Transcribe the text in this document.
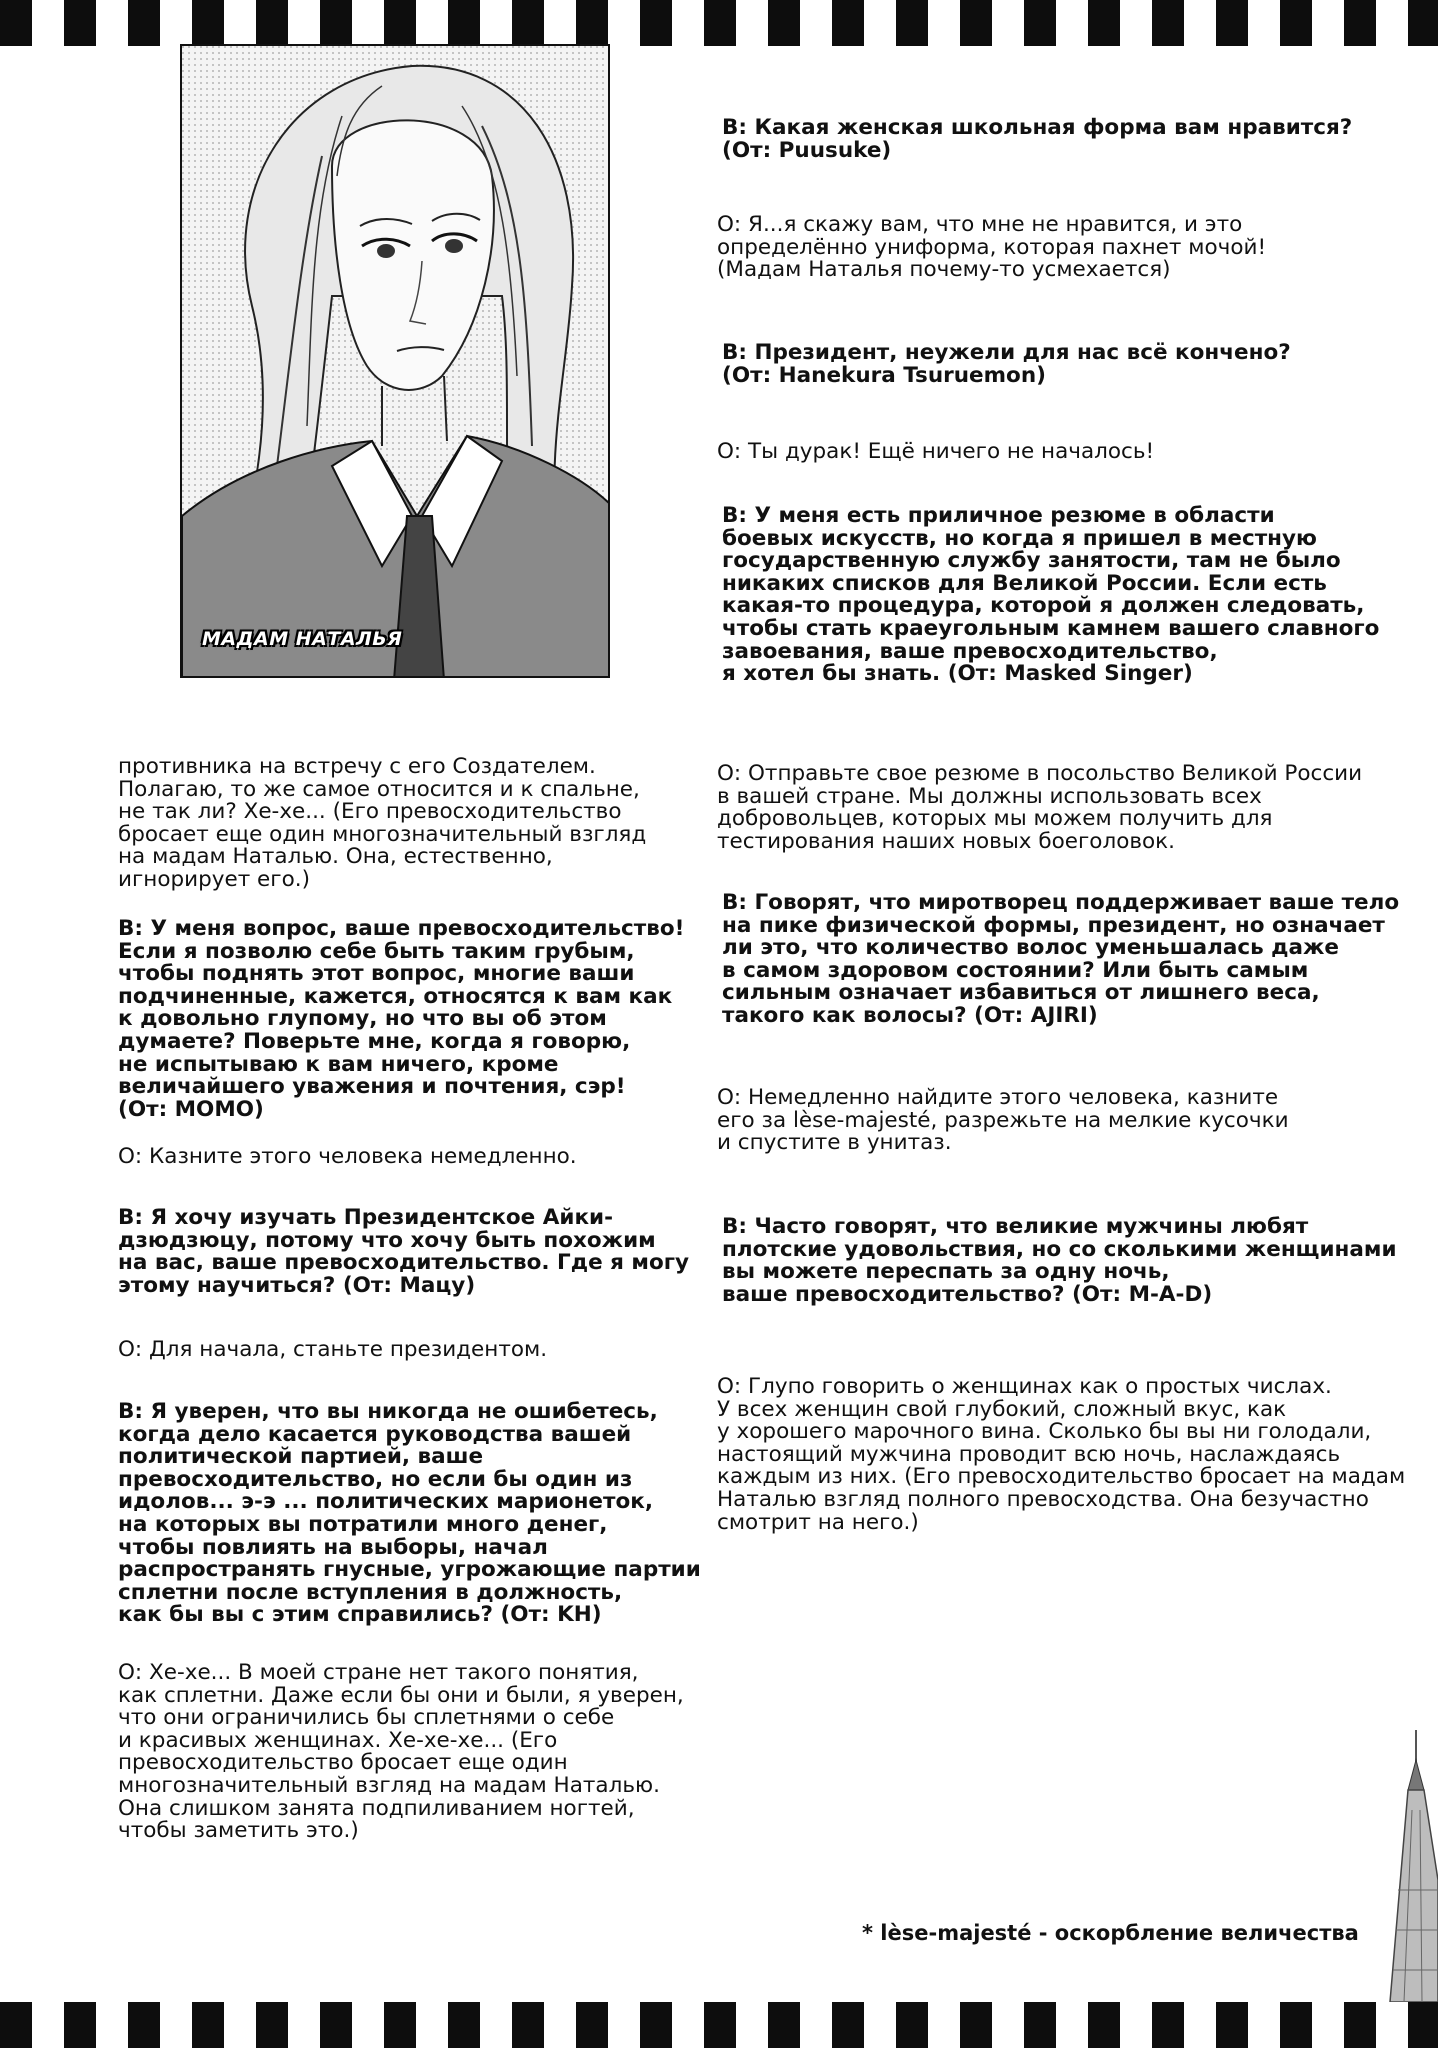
МАДАМ НАТАЛЬЯ
В: Какая женская школьная форма вам нравится?
(От: Puusuke)
О: Я...я скажу вам, что мне не нравится, и это
определённо униформа, которая пахнет мочой!
(Мадам Наталья почему-то усмехается)
В: Президент, неужели для нас всё кончено?
(От: Hanekura Tsuruemon)
О: Ты дурак! Ещё ничего не началось!
В: У меня есть приличное резюме в области
боевых искусств, но когда я пришел в местную
государственную службу занятости, там не было
никаких списков для Великой России. Если есть
какая-то процедура, которой я должен следовать,
чтобы стать краеугольным камнем вашего славного
завоевания, ваше превосходительство,
я хотел бы знать. (От: Masked Singer)
противника на встречу с его Создателем.
Полагаю, то же самое относится и к спальне,
не так ли? Хе-хе... (Его превосходительство
бросает еще один многозначительный взгляд
на мадам Наталью. Она, естественно,
игнорирует его.)
В: У меня вопрос, ваше превосходительство!
Если я позволю себе быть таким грубым,
чтобы поднять этот вопрос, многие ваши
подчиненные, кажется, относятся к вам как
к довольно глупому, но что вы об этом
думаете? Поверьте мне, когда я говорю,
не испытываю к вам ничего, кроме
величайшего уважения и почтения, сэр!
(От: MOMO)
О: Казните этого человека немедленно.
В: Я хочу изучать Президентское Айки-
дзюдзюцу, потому что хочу быть похожим
на вас, ваше превосходительство. Где я могу
этому научиться? (От: Мацу)
О: Для начала, станьте президентом.
В: Я уверен, что вы никогда не ошибетесь,
когда дело касается руководства вашей
политической партией, ваше
превосходительство, но если бы один из
идолов... э-э ... политических марионеток,
на которых вы потратили много денег,
чтобы повлиять на выборы, начал
распространять гнусные, угрожающие партии
сплетни после вступления в должность,
как бы вы с этим справились? (От: KH)
О: Хе-хе... В моей стране нет такого понятия,
как сплетни. Даже если бы они и были, я уверен,
что они ограничились бы сплетнями о себе
и красивых женщинах. Хе-хе-хе... (Его
превосходительство бросает еще один
многозначительный взгляд на мадам Наталью.
Она слишком занята подпиливанием ногтей,
чтобы заметить это.)
О: Отправьте свое резюме в посольство Великой России
в вашей стране. Мы должны использовать всех
добровольцев, которых мы можем получить для
тестирования наших новых боеголовок.
В: Говорят, что миротворец поддерживает ваше тело
на пике физической формы, президент, но означает
ли это, что количество волос уменьшалась даже
в самом здоровом состоянии? Или быть самым
сильным означает избавиться от лишнего веса,
такого как волосы? (От: AJIRI)
О: Немедленно найдите этого человека, казните
его за lèse-majesté, разрежьте на мелкие кусочки
и спустите в унитаз.
В: Часто говорят, что великие мужчины любят
плотские удовольствия, но со сколькими женщинами
вы можете переспать за одну ночь,
ваше превосходительство? (От: M-A-D)
О: Глупо говорить о женщинах как о простых числах.
У всех женщин свой глубокий, сложный вкус, как
у хорошего марочного вина. Сколько бы вы ни голодали,
настоящий мужчина проводит всю ночь, наслаждаясь
каждым из них. (Его превосходительство бросает на мадам
Наталью взгляд полного превосходства. Она безучастно
смотрит на него.)
* lèse-majesté - оскорбление величества
